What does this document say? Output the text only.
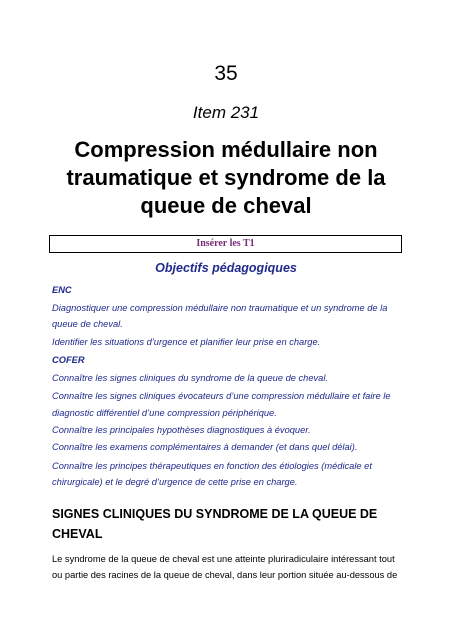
35
Item 231
Compression médullaire non
traumatique et syndrome de la
queue de cheval
Insérer les T1
Objectifs pédagogiques
ENC
Diagnostiquer une compression médullaire non traumatique et un syndrome de la
queue de cheval.
Identifier les situations d’urgence et planifier leur prise en charge.
COFER
Connaître les signes cliniques du syndrome de la queue de cheval.
Connaître les signes cliniques évocateurs d’une compression médullaire et faire le
diagnostic différentiel d’une compression périphérique.
Connaître les principales hypothèses diagnostiques à évoquer.
Connaître les examens complémentaires à demander (et dans quel délai).
Connaître les principes thérapeutiques en fonction des étiologies (médicale et
chirurgicale) et le degré d’urgence de cette prise en charge.
SIGNES CLINIQUES DU SYNDROME DE LA QUEUE DE
CHEVAL
Le syndrome de la queue de cheval est une atteinte pluriradiculaire intéressant tout
ou partie des racines de la queue de cheval, dans leur portion située au-dessous de
